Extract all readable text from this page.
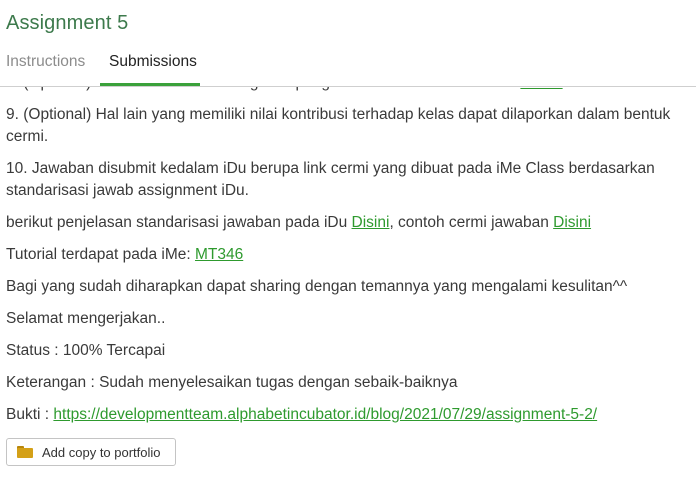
Assignment 5
Instructions Submissions

9. (Optional) Hal lain yang memiliki nilai kontribusi terhadap kelas dapat dilaporkan dalam bentuk cermi.

10. Jawaban disubmit kedalam iDu berupa link cermi yang dibuat pada iMe Class berdasarkan standarisasi jawab assignment iDu.

berikut penjelasan standarisasi jawaban pada iDu Disini, contoh cermi jawaban Disini

Tutorial terdapat pada iMe: MT346

Bagi yang sudah diharapkan dapat sharing dengan temannya yang mengalami kesulitan^^

Selamat mengerjakan..

Status : 100% Tercapai

Keterangan : Sudah menyelesaikan tugas dengan sebaik-baiknya

Bukti : https://developmentteam.alphabetincubator.id/blog/2021/07/29/assignment-5-2/

Add copy to portfolio
